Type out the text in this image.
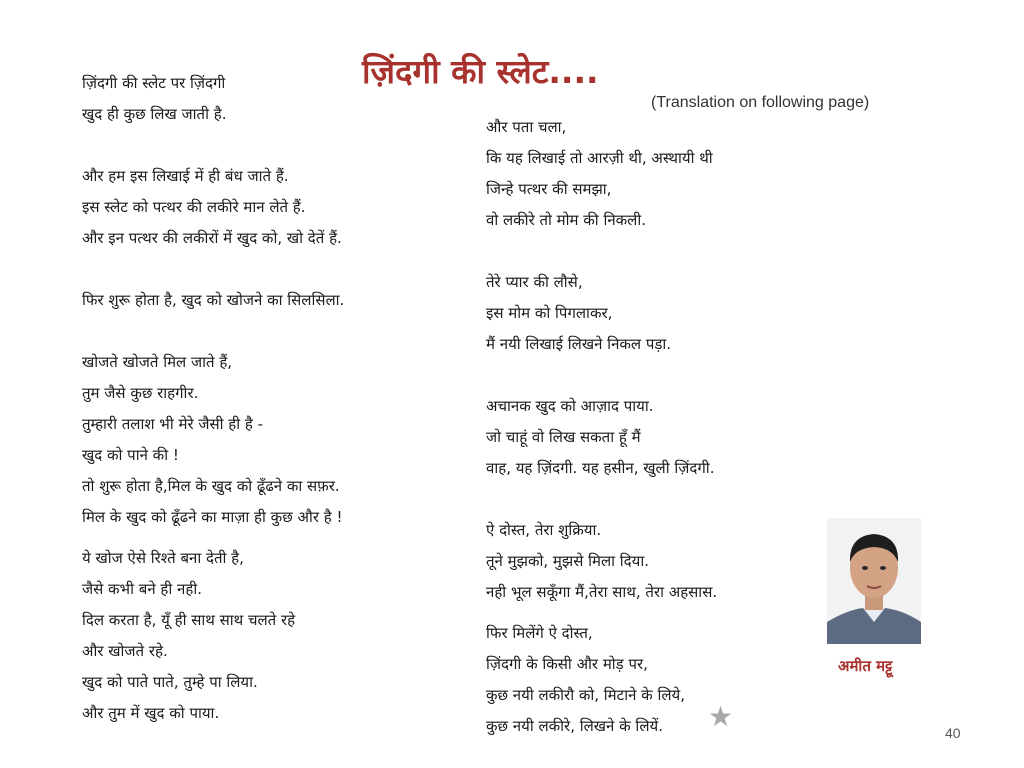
ज़िंदगी की स्लेट....
(Translation on following page)
ज़िंदगी की स्लेट पर ज़िंदगी
खुद ही कुछ लिख जाती है.
और हम इस लिखाई में ही बंध जाते हैं.
इस स्लेट को पत्थर की लकीरे मान लेते हैं.
और इन पत्थर की लकीरों में खुद को, खो देतें हैं.
फिर शुरू होता है, खुद को खोजने का सिलसिला.
खोजते खोजते मिल जाते हैं,
तुम जैसे कुछ राहगीर.
तुम्हारी तलाश भी मेरे जैसी ही है -
खुद को पाने की !
तो शुरू होता है,मिल के खुद को ढूँढने का सफ़र.
मिल के खुद को ढूँढने का माज़ा ही कुछ और है !
ये खोज ऐसे रिश्ते बना देती है,
जैसे कभी बने ही नही.
दिल करता है, यूँ ही साथ साथ चलते रहे
और खोजते रहे.
खुद को पाते पाते, तुम्हे पा लिया.
और तुम में खुद को पाया.
और पता चला,
कि यह लिखाई तो आरज़ी थी, अस्थायी थी
जिन्हे पत्थर की समझा,
वो लकीरे तो मोम की निकली.
तेरे प्यार की लौसे,
इस मोम को पिगलाकर,
मैं नयी लिखाई लिखने निकल पड़ा.
अचानक खुद को आज़ाद पाया.
जो चाहूं वो लिख सकता हूँ मैं
वाह, यह ज़िंदगी. यह हसीन, खुली ज़िंदगी.
ऐ दोस्त, तेरा शुक्रिया.
तूने मुझको, मुझसे मिला दिया.
नही भूल सकूँगा मैं,तेरा साथ, तेरा अहसास.
फिर मिलेंगे ऐ दोस्त,
ज़िंदगी के किसी और मोड़ पर,
कुछ नयी लकीरौ को, मिटाने के लिये,
कुछ नयी लकीरे, लिखने के लियें.
अमीत मट्टू
★	40
